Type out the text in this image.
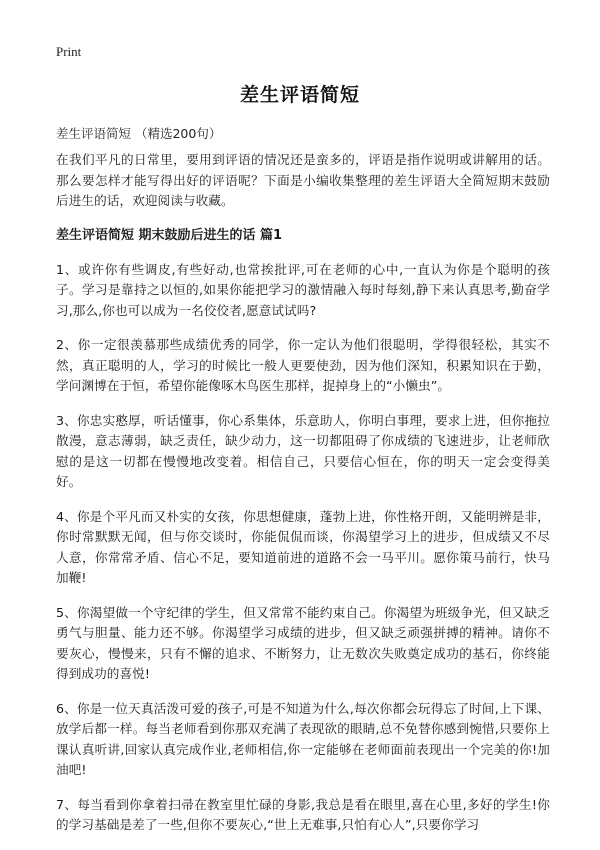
Print
差生评语简短
差生评语简短 （精选200句）

在我们平凡的日常里，要用到评语的情况还是蛮多的，评语是指作说明或讲解用的话。那么要怎样才能写得出好的评语呢？下面是小编收集整理的差生评语大全简短期末鼓励后进生的话，欢迎阅读与收藏。

差生评语简短 期末鼓励后进生的话 篇1

1、或许你有些调皮,有些好动,也常挨批评,可在老师的心中,一直认为你是个聪明的孩子。学习是靠持之以恒的,如果你能把学习的激情融入每时每刻,静下来认真思考,勤奋学习,那么,你也可以成为一名佼佼者,愿意试试吗?

2、你一定很羡慕那些成绩优秀的同学，你一定认为他们很聪明，学得很轻松，其实不然，真正聪明的人，学习的时候比一般人更要使劲，因为他们深知，积累知识在于勤，学问渊博在于恒，希望你能像啄木鸟医生那样，捉掉身上的“小懒虫”。

3、你忠实憨厚，听话懂事，你心系集体，乐意助人，你明白事理，要求上进，但你拖拉散漫，意志薄弱，缺乏责任，缺少动力，这一切都阻碍了你成绩的飞速进步，让老师欣慰的是这一切都在慢慢地改变着。相信自己，只要信心恒在，你的明天一定会变得美好。

4、你是个平凡而又朴实的女孩，你思想健康，蓬勃上进，你性格开朗，又能明辨是非，你时常默默无闻，但与你交谈时，你能侃侃而谈，你渴望学习上的进步，但成绩又不尽人意，你常常矛盾、信心不足，要知道前进的道路不会一马平川。愿你策马前行，快马加鞭!

5、你渴望做一个守纪律的学生，但又常常不能约束自己。你渴望为班级争光，但又缺乏勇气与胆量、能力还不够。你渴望学习成绩的进步，但又缺乏顽强拼搏的精神。请你不要灰心，慢慢来，只有不懈的追求、不断努力，让无数次失败奠定成功的基石，你终能得到成功的喜悦!

6、你是一位天真活泼可爱的孩子,可是不知道为什么,每次你都会玩得忘了时间,上下课、放学后都一样。每当老师看到你那双充满了表现欲的眼睛,总不免替你感到惋惜,只要你上课认真听讲,回家认真完成作业,老师相信,你一定能够在老师面前表现出一个完美的你!加油吧!

7、每当看到你拿着扫帚在教室里忙碌的身影,我总是看在眼里,喜在心里,多好的学生!你的学习基础是差了一些,但你不要灰心,“世上无难事,只怕有心人”,只要你学习
